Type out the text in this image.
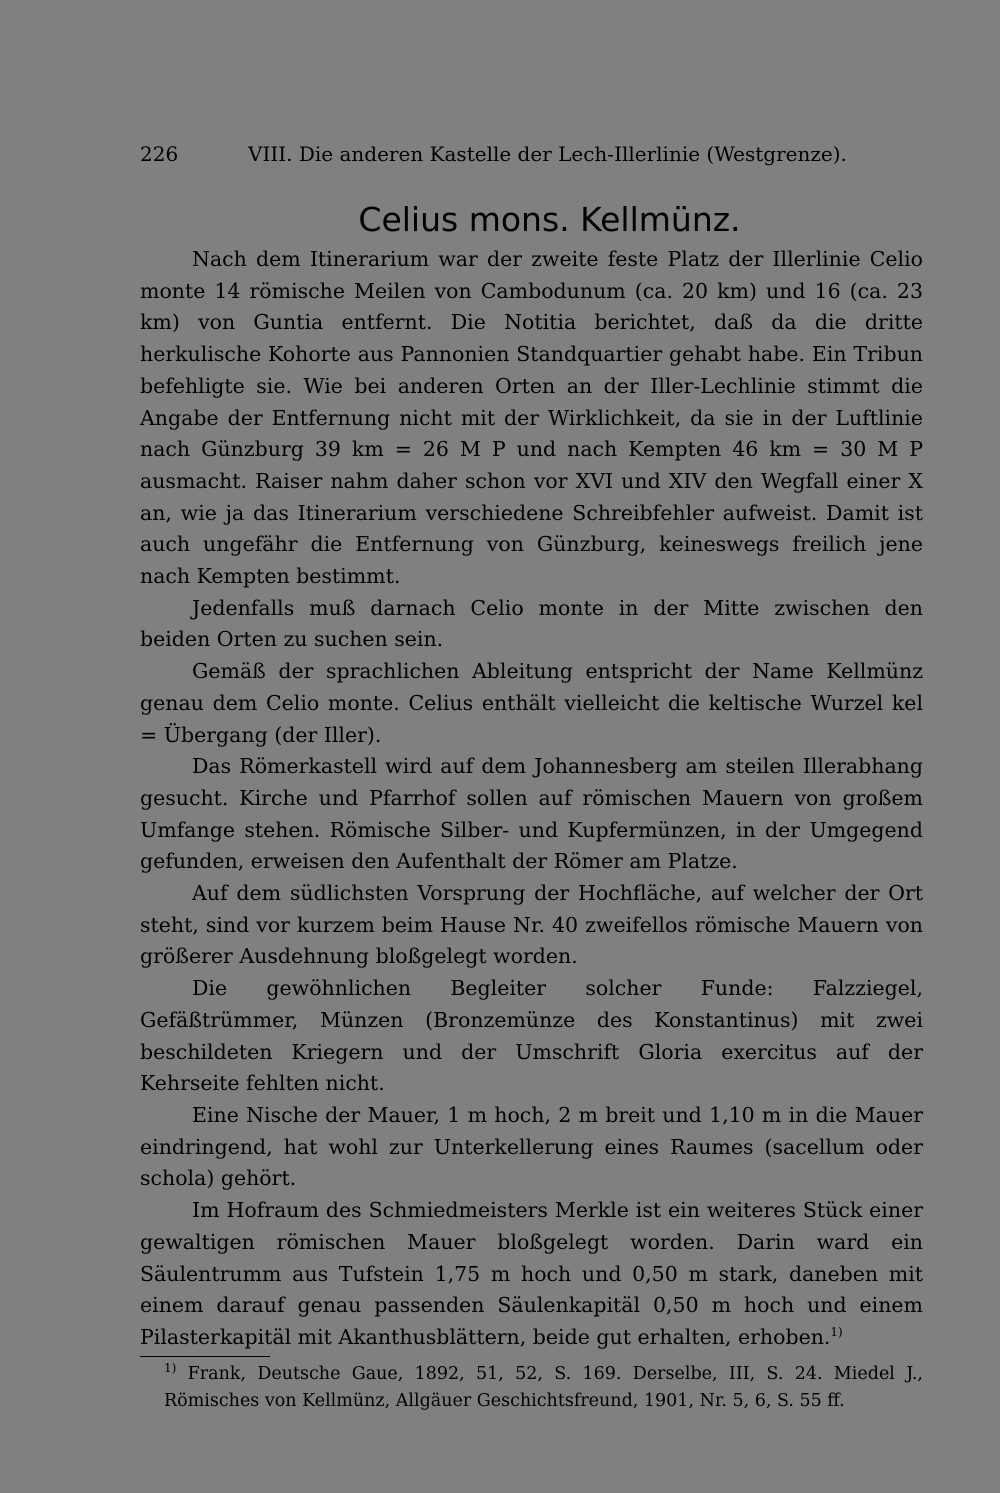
226	VIII. Die anderen Kastelle der Lech-Illerlinie (Westgrenze).
Celius mons. Kellmünz.

Nach dem Itinerarium war der zweite feste Platz der Illerlinie Celio monte 14 römische Meilen von Cambodunum (ca. 20 km) und 16 (ca. 23 km) von Guntia entfernt. Die Notitia berichtet, daß da die dritte herkulische Kohorte aus Pannonien Standquartier gehabt habe. Ein Tribun befehligte sie. Wie bei anderen Orten an der Iller-Lechlinie stimmt die Angabe der Entfernung nicht mit der Wirklichkeit, da sie in der Luftlinie nach Günzburg 39 km = 26 M P und nach Kempten 46 km = 30 M P ausmacht. Raiser nahm daher schon vor XVI und XIV den Wegfall einer X an, wie ja das Itinerarium verschiedene Schreibfehler aufweist. Damit ist auch ungefähr die Entfernung von Günzburg, keineswegs freilich jene nach Kempten bestimmt.

Jedenfalls muß darnach Celio monte in der Mitte zwischen den beiden Orten zu suchen sein.

Gemäß der sprachlichen Ableitung entspricht der Name Kellmünz genau dem Celio monte. Celius enthält vielleicht die keltische Wurzel kel = Übergang (der Iller).

Das Römerkastell wird auf dem Johannesberg am steilen Illerabhang gesucht. Kirche und Pfarrhof sollen auf römischen Mauern von großem Umfange stehen. Römische Silber- und Kupfermünzen, in der Umgegend gefunden, erweisen den Aufenthalt der Römer am Platze.

Auf dem südlichsten Vorsprung der Hochfläche, auf welcher der Ort steht, sind vor kurzem beim Hause Nr. 40 zweifellos römische Mauern von größerer Ausdehnung bloßgelegt worden.

Die gewöhnlichen Begleiter solcher Funde: Falzziegel, Gefäßtrümmer, Münzen (Bronzemünze des Konstantinus) mit zwei beschildeten Kriegern und der Umschrift Gloria exercitus auf der Kehrseite fehlten nicht.

Eine Nische der Mauer, 1 m hoch, 2 m breit und 1,10 m in die Mauer eindringend, hat wohl zur Unterkellerung eines Raumes (sacellum oder schola) gehört.

Im Hofraum des Schmiedmeisters Merkle ist ein weiteres Stück einer gewaltigen römischen Mauer bloßgelegt worden. Darin ward ein Säulentrumm aus Tufstein 1,75 m hoch und 0,50 m stark, daneben mit einem darauf genau passenden Säulenkapitäl 0,50 m hoch und einem Pilasterkapitäl mit Akanthusblättern, beide gut erhalten, erhoben.$^{1)}$

$^{1)}$ Frank, Deutsche Gaue, 1892, 51, 52, S. 169. Derselbe, III, S. 24. Miedel J., Römisches von Kellmünz, Allgäuer Geschichtsfreund, 1901, Nr. 5, 6, S. 55 ff.
